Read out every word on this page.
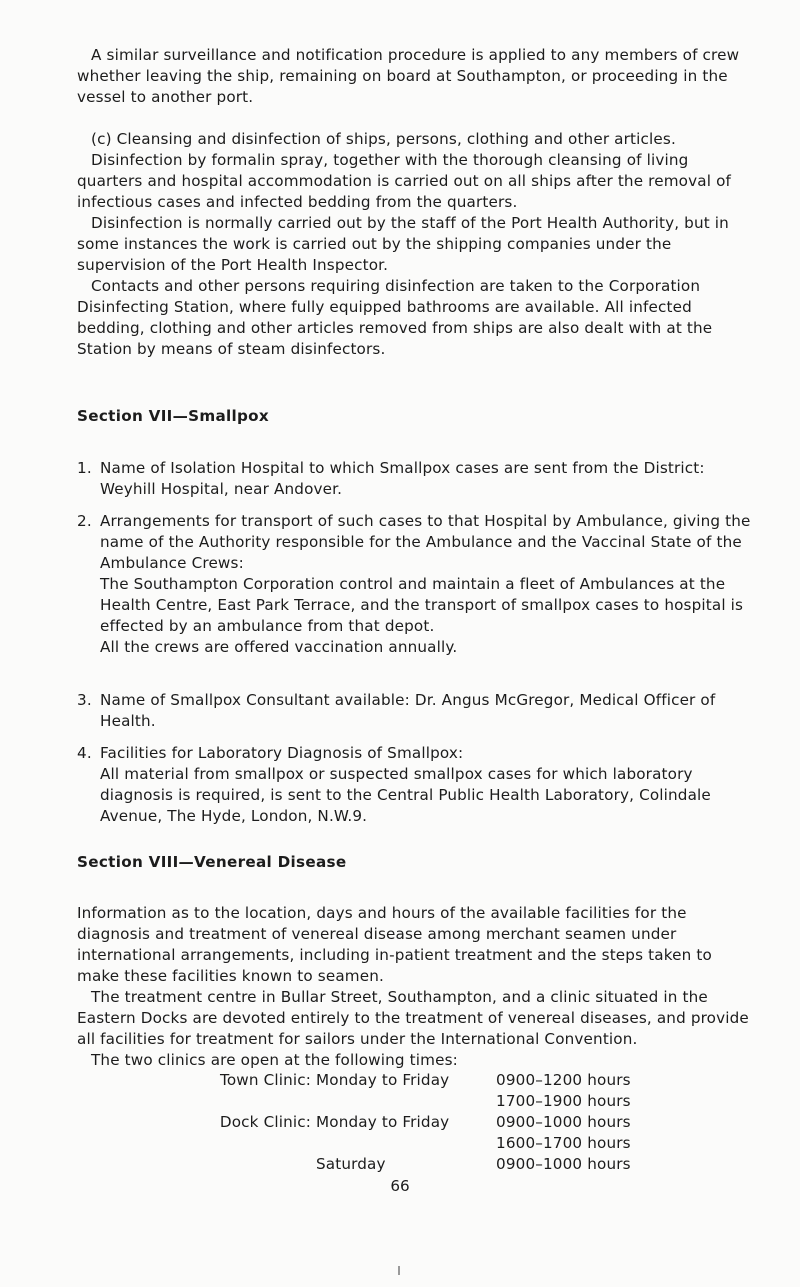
A similar surveillance and notification procedure is applied to any members of crew whether leaving the ship, remaining on board at Southampton, or proceeding in the vessel to another port.

(c) Cleansing and disinfection of ships, persons, clothing and other articles.

Disinfection by formalin spray, together with the thorough cleansing of living quarters and hospital accommodation is carried out on all ships after the removal of infectious cases and infected bedding from the quarters.

Disinfection is normally carried out by the staff of the Port Health Authority, but in some instances the work is carried out by the shipping companies under the supervision of the Port Health Inspector.

Contacts and other persons requiring disinfection are taken to the Corporation Disinfecting Station, where fully equipped bathrooms are available. All infected bedding, clothing and other articles removed from ships are also dealt with at the Station by means of steam disinfectors.

Section VII—Smallpox
1. Name of Isolation Hospital to which Smallpox cases are sent from the District: Weyhill Hospital, near Andover.

2. Arrangements for transport of such cases to that Hospital by Ambulance, giving the name of the Authority responsible for the Ambulance and the Vaccinal State of the Ambulance Crews:

The Southampton Corporation control and maintain a fleet of Ambulances at the Health Centre, East Park Terrace, and the transport of smallpox cases to hospital is effected by an ambulance from that depot.

All the crews are offered vaccination annually.

3. Name of Smallpox Consultant available: Dr. Angus McGregor, Medical Officer of Health.

4. Facilities for Laboratory Diagnosis of Smallpox:

All material from smallpox or suspected smallpox cases for which laboratory diagnosis is required, is sent to the Central Public Health Laboratory, Colindale Avenue, The Hyde, London, N.W.9.

Section VIII—Venereal Disease

Information as to the location, days and hours of the available facilities for the diagnosis and treatment of venereal disease among merchant seamen under international arrangements, including in-patient treatment and the steps taken to make these facilities known to seamen.

The treatment centre in Bullar Street, Southampton, and a clinic situated in the Eastern Docks are devoted entirely to the treatment of venereal diseases, and provide all facilities for treatment for sailors under the International Convention.

The two clinics are open at the following times:

Town Clinic: Monday to Friday	0900–1200 hours
1700–1900 hours
Dock Clinic: Monday to Friday	0900–1000 hours
1600–1700 hours
Saturday	0900–1000 hours
66
